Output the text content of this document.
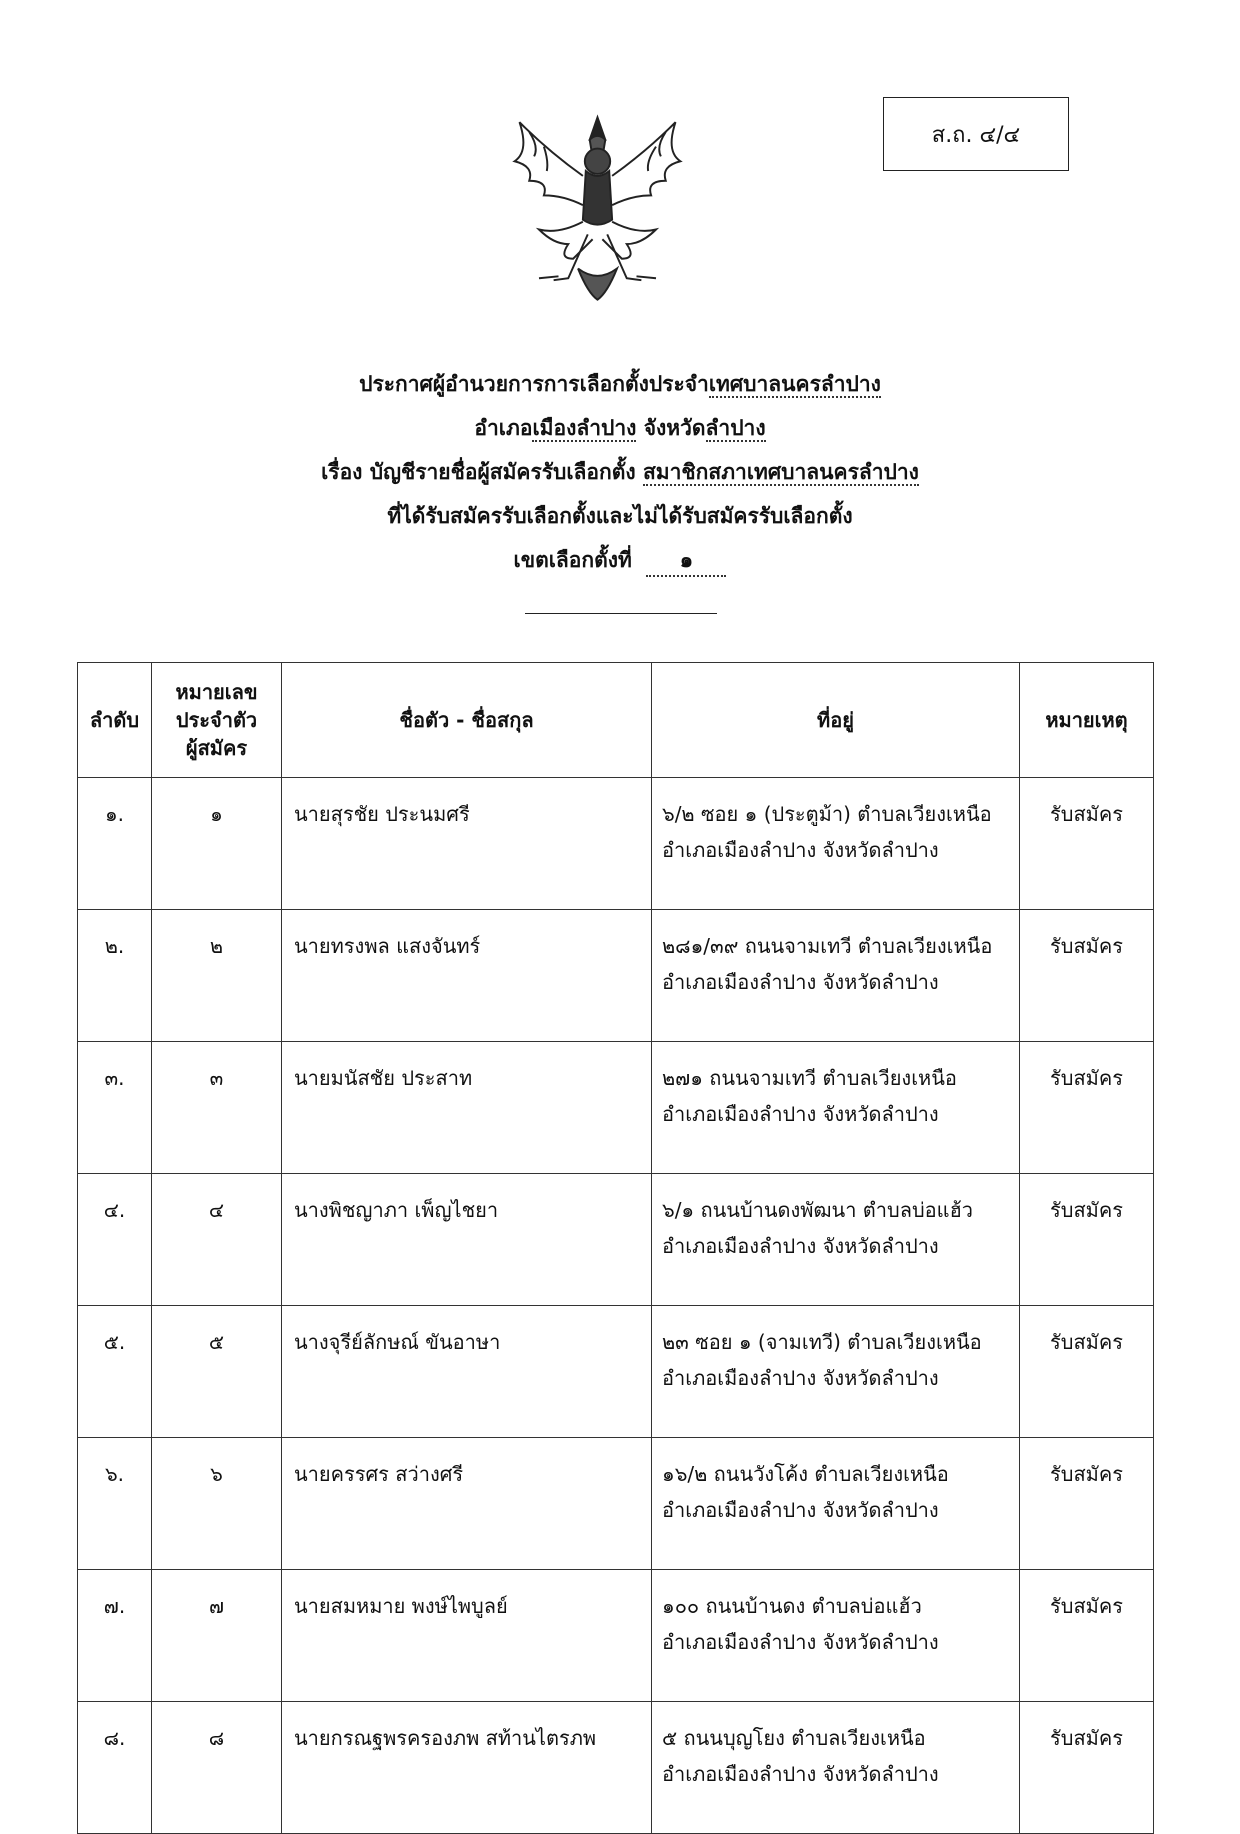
ส.ถ. ๔/๔
ประกาศผู้อำนวยการการเลือกตั้งประจำเทศบาลนครลำปาง
อำเภอเมืองลำปาง จังหวัดลำปาง
เรื่อง บัญชีรายชื่อผู้สมัครรับเลือกตั้ง สมาชิกสภาเทศบาลนครลำปาง
ที่ได้รับสมัครรับเลือกตั้งและไม่ได้รับสมัครรับเลือกตั้ง
เขตเลือกตั้งที่ ๑
ลำดับ	หมายเลข
ประจำตัว
ผู้สมัคร	ชื่อตัว - ชื่อสกุล	ที่อยู่	หมายเหตุ
๑.	๑	นายสุรชัย ประนมศรี	๖/๒ ซอย ๑ (ประตูม้า) ตำบลเวียงเหนือ
อำเภอเมืองลำปาง จังหวัดลำปาง	รับสมัคร
๒.	๒	นายทรงพล แสงจันทร์	๒๘๑/๓๙ ถนนจามเทวี ตำบลเวียงเหนือ
อำเภอเมืองลำปาง จังหวัดลำปาง	รับสมัคร
๓.	๓	นายมนัสชัย ประสาท	๒๗๑ ถนนจามเทวี ตำบลเวียงเหนือ
อำเภอเมืองลำปาง จังหวัดลำปาง	รับสมัคร
๔.	๔	นางพิชญาภา เพ็ญไชยา	๖/๑ ถนนบ้านดงพัฒนา ตำบลบ่อแฮ้ว
อำเภอเมืองลำปาง จังหวัดลำปาง	รับสมัคร
๕.	๕	นางจุรีย์ลักษณ์ ขันอาษา	๒๓ ซอย ๑ (จามเทวี) ตำบลเวียงเหนือ
อำเภอเมืองลำปาง จังหวัดลำปาง	รับสมัคร
๖.	๖	นายครรศร สว่างศรี	๑๖/๒ ถนนวังโค้ง ตำบลเวียงเหนือ
อำเภอเมืองลำปาง จังหวัดลำปาง	รับสมัคร
๗.	๗	นายสมหมาย พงษ์ไพบูลย์	๑๐๐ ถนนบ้านดง ตำบลบ่อแฮ้ว
อำเภอเมืองลำปาง จังหวัดลำปาง	รับสมัคร
๘.	๘	นายกรณฐพรครองภพ สท้านไตรภพ	๕ ถนนบุญโยง ตำบลเวียงเหนือ
อำเภอเมืองลำปาง จังหวัดลำปาง	รับสมัคร
